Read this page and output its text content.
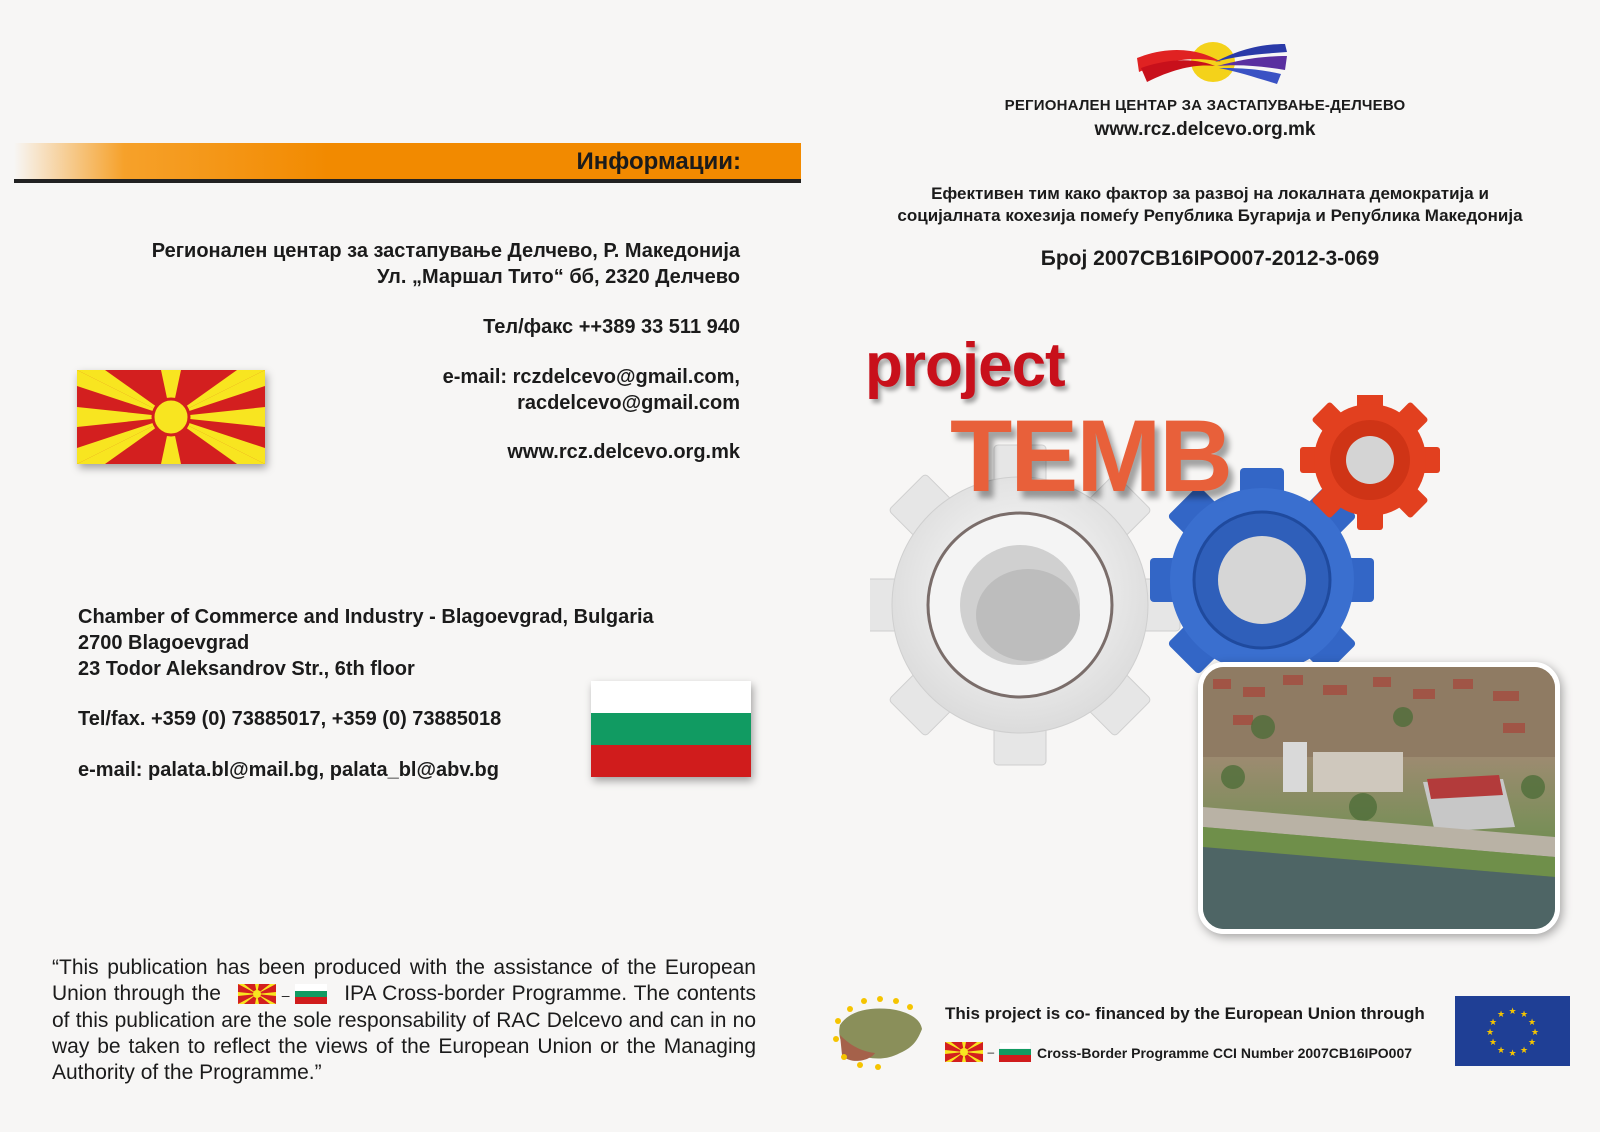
Информации:
Регионален центар за застапување Делчево, Р. Македонија
Ул. „Маршал Тито“ бб, 2320 Делчево
Тел/факс ++389 33 511 940
e-mail: rczdelcevo@gmail.com,
racdelcevo@gmail.com
www.rcz.delcevo.org.mk
Chamber of Commerce and Industry - Blagoevgrad, Bulgaria
2700 Blagoevgrad
23 Todor Aleksandrov Str., 6th floor
Tel/fax. +359 (0) 73885017, +359 (0) 73885018
e-mail: palata.bl@mail.bg, palata_bl@abv.bg
“This publication has been produced with the assistance of the European Union through the	–	IPA Cross-border Programme. The contents of this publication are the sole responsability of RAC Delcevo and can in no way be taken to reflect the views of the European Union or the Managing Authority of the Programme.”
РЕГИОНАЛЕН ЦЕНТАР ЗА ЗАСТАПУВАЊЕ-ДЕЛЧЕВО
www.rcz.delcevo.org.mk
Ефективен тим како фактор за развој на локалната демократија и
социјалната кохезија помеѓу Република Бугарија и Република Македонија
Број 2007CB16IPO007-2012-3-069
project
TEMB
This project is co- financed by the European Union through
–	Cross-Border Programme CCI Number 2007CB16IPO007
★ ★
★
★
★
★
★
★
★
★
★
★
